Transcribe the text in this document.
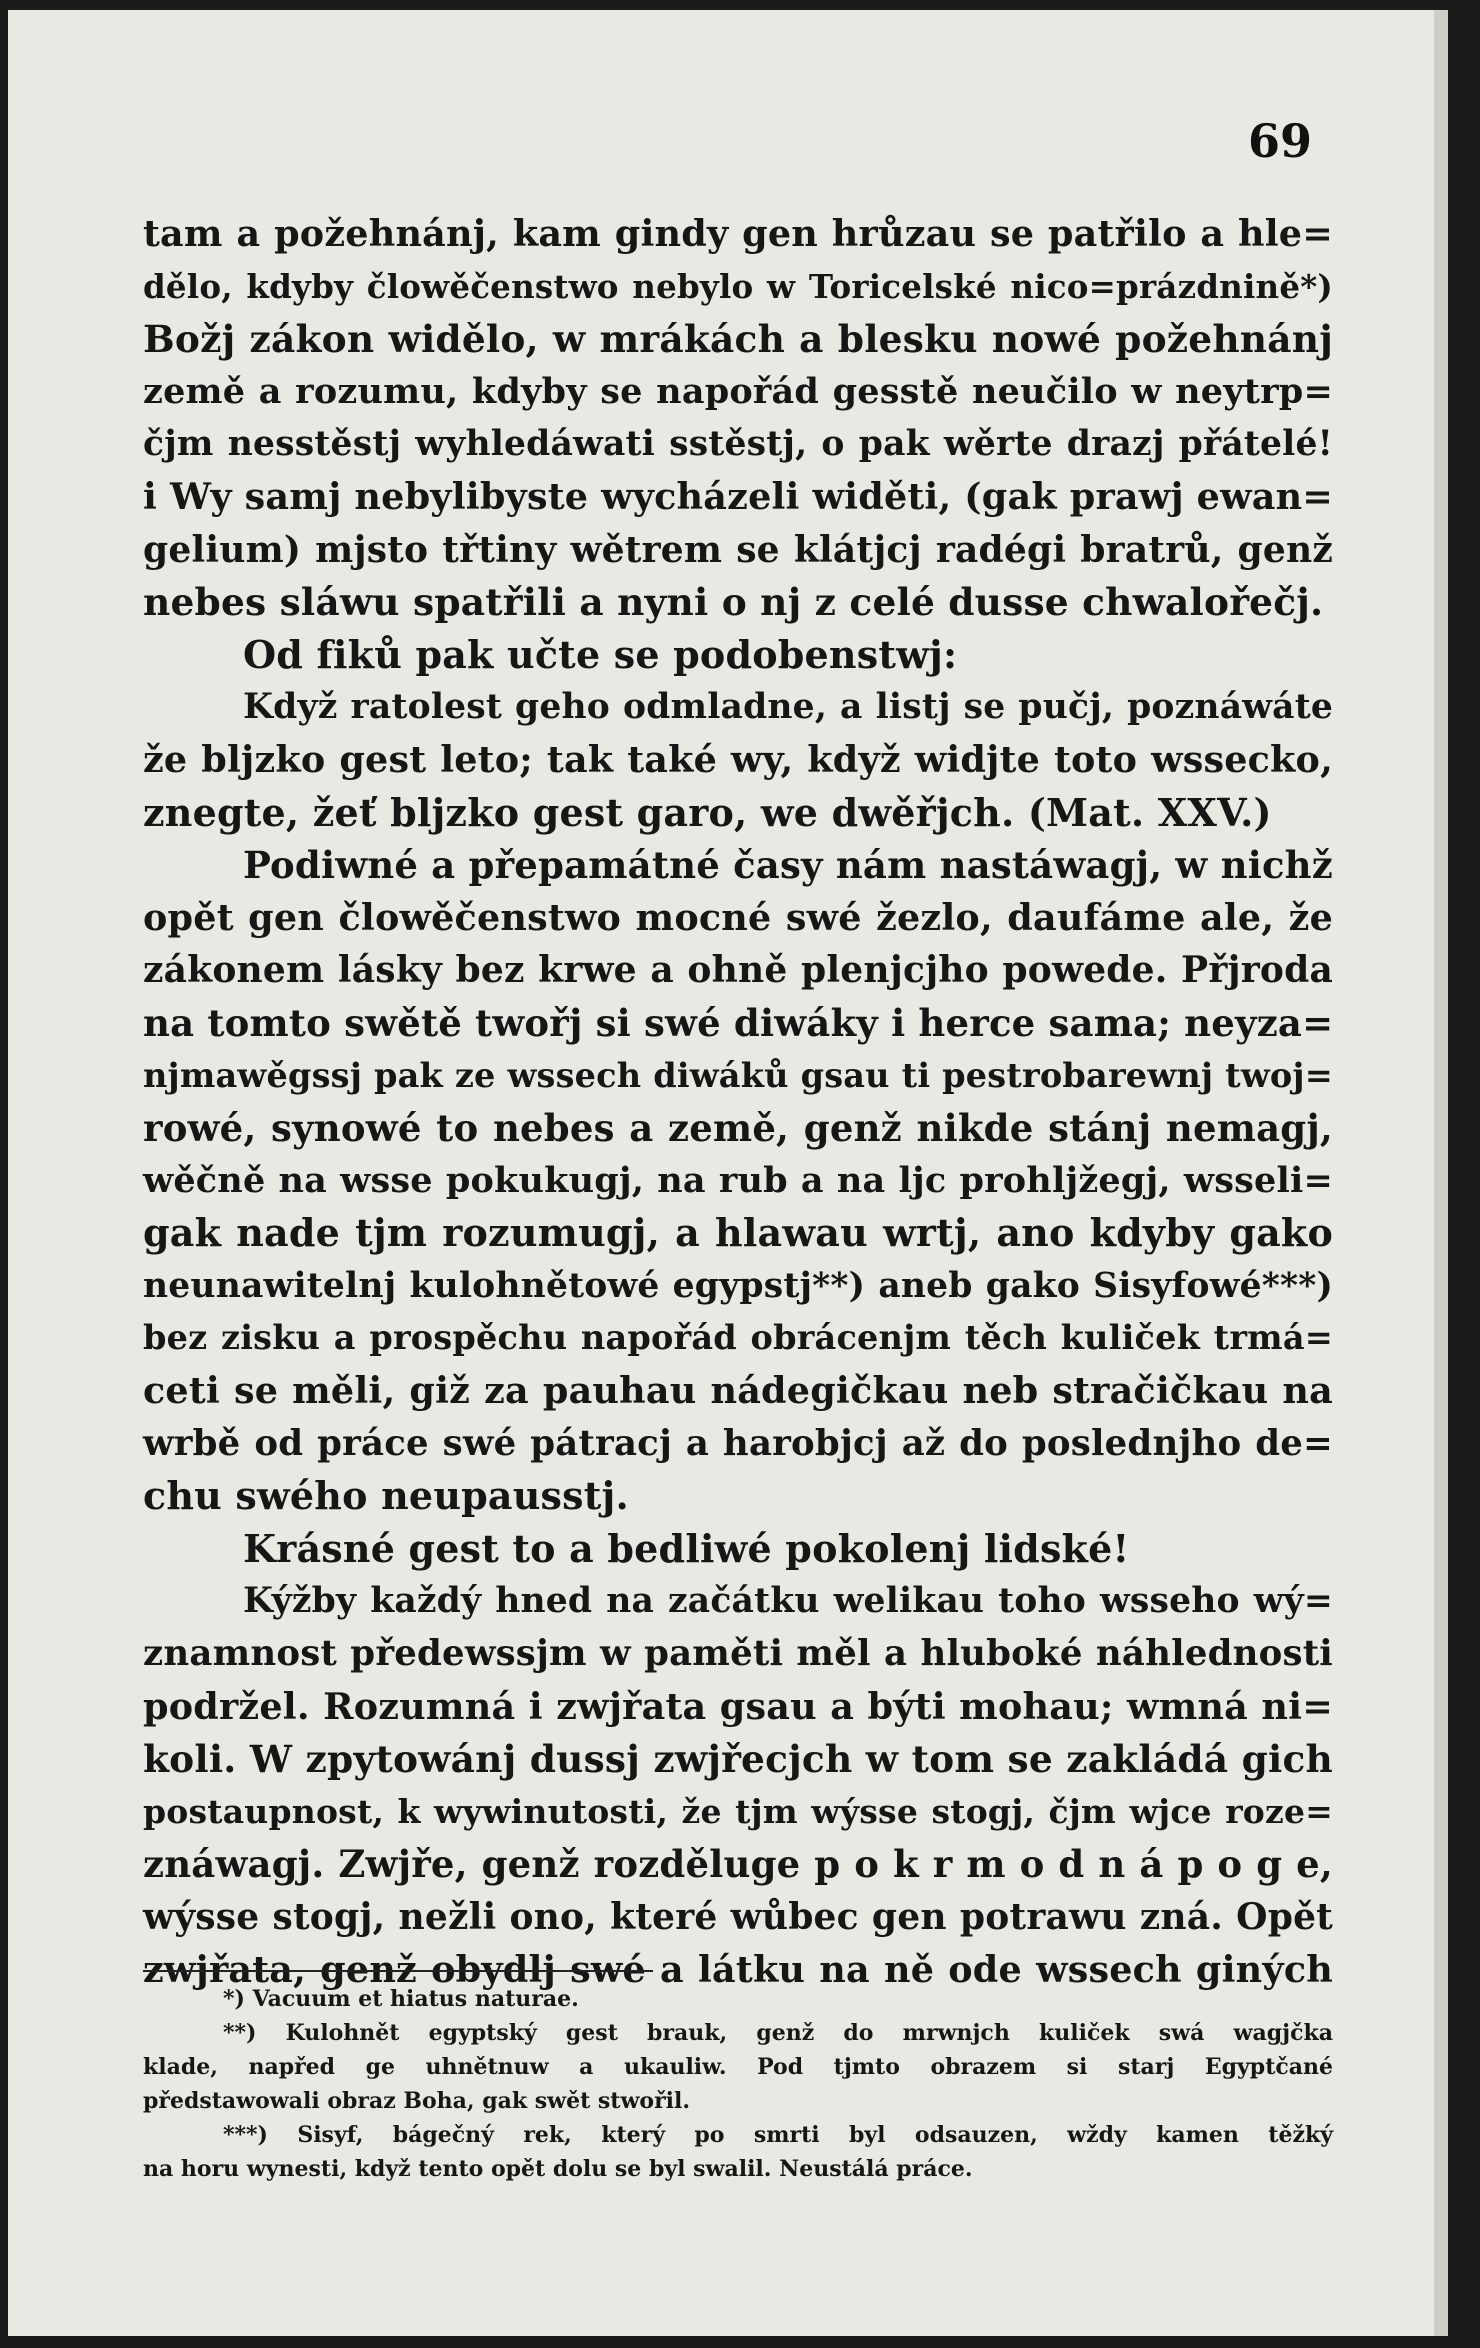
69
tam a požehnánj, kam gindy gen hrůzau se patřilo a hle=
dělo, kdyby člowěčenstwo nebylo w Toricelské nico=prázdnině*)
Božj zákon widělo, w mrákách a blesku nowé požehnánj
země a rozumu, kdyby se napořád gesstě neučilo w neytrp=
čjm nesstěstj wyhledáwati sstěstj, o pak wěrte drazj přátelé!
i Wy samj nebylibyste wycházeli widěti, (gak prawj ewan=
gelium) mjsto třtiny wětrem se klátjcj radégi bratrů, genž
nebes sláwu spatřili a nyni o nj z celé dusse chwalořečj.
Od fiků pak učte se podobenstwj:
Když ratolest geho odmladne, a listj se pučj, poznáwáte
že bljzko gest leto; tak také wy, když widjte toto wssecko,
znegte, žeť bljzko gest garo, we dwěřjch. (Mat. XXV.)
Podiwné a přepamátné časy nám nastáwagj, w nichž
opět gen člowěčenstwo mocné swé žezlo, daufáme ale, že
zákonem lásky bez krwe a ohně plenjcjho powede. Přjroda
na tomto swětě twořj si swé diwáky i herce sama; neyza=
njmawěgssj pak ze wssech diwáků gsau ti pestrobarewnj twoj=
rowé, synowé to nebes a země, genž nikde stánj nemagj,
wěčně na wsse pokukugj, na rub a na ljc prohljžegj, wsseli=
gak nade tjm rozumugj, a hlawau wrtj, ano kdyby gako
neunawitelnj kulohnětowé egypstj**) aneb gako Sisyfowé***)
bez zisku a prospěchu napořád obrácenjm těch kuliček trmá=
ceti se měli, giž za pauhau nádegičkau neb stračičkau na
wrbě od práce swé pátracj a harobjcj až do poslednjho de=
chu swého neupausstj.
Krásné gest to a bedliwé pokolenj lidské!
Kýžby každý hned na začátku welikau toho wsseho wý=
znamnost předewssjm w paměti měl a hluboké náhlednosti
podržel. Rozumná i zwjřata gsau a býti mohau; wmná ni=
koli. W zpytowánj dussj zwjřecjch w tom se zakládá gich
postaupnost, k wywinutosti, že tjm wýsse stogj, čjm wjce roze=
znáwagj. Zwjře, genž rozděluge p o k r m o d n á p o g e,
wýsse stogj, nežli ono, které wůbec gen potrawu zná. Opět
zwjřata, genž obydlj swé a látku na ně ode wssech giných
*) Vacuum et hiatus naturae.
**) Kulohnět egyptský gest brauk, genž do mrwnjch kuliček swá wagjčka
klade, napřed ge uhnětnuw a ukauliw. Pod tjmto obrazem si starj Egyptčané
předstawowali obraz Boha, gak swět stwořil.
***) Sisyf, bágečný rek, který po smrti byl odsauzen, wždy kamen těžký
na horu wynesti, když tento opět dolu se byl swalil. Neustálá práce.
